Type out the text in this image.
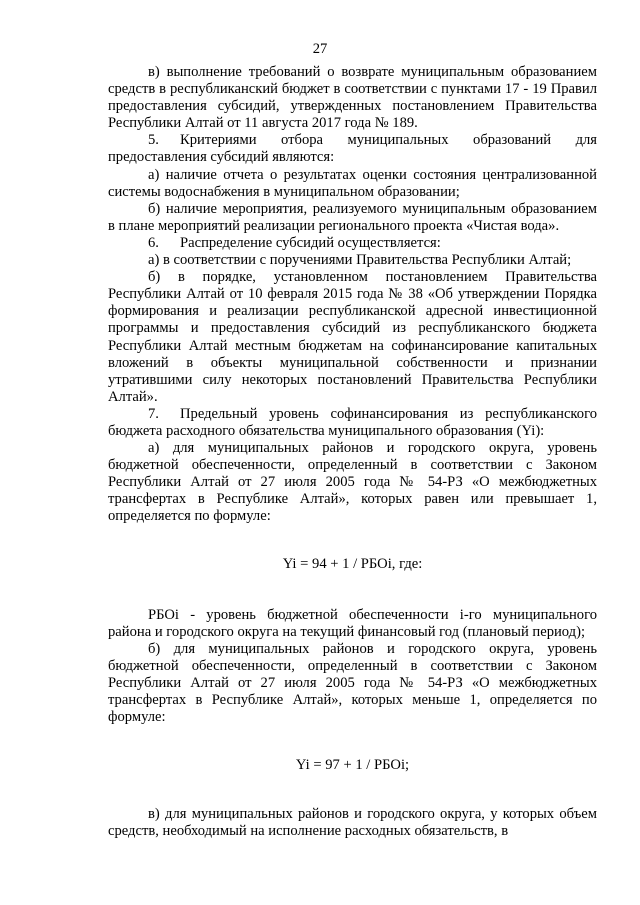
27

в) выполнение требований о возврате муниципальным образованием средств в республиканский бюджет в соответствии с пунктами 17 - 19 Правил предоставления субсидий, утвержденных постановлением Правительства Республики Алтай от 11 августа 2017 года № 189.

5. Критериями отбора муниципальных образований для предоставления субсидий являются:

а) наличие отчета о результатах оценки состояния централизованной системы водоснабжения в муниципальном образовании;

б) наличие мероприятия, реализуемого муниципальным образованием в плане мероприятий реализации регионального проекта «Чистая вода».

6. Распределение субсидий осуществляется:

а) в соответствии с поручениями Правительства Республики Алтай;

б) в порядке, установленном постановлением Правительства Республики Алтай от 10 февраля 2015 года № 38 «Об утверждении Порядка формирования и реализации республиканской адресной инвестиционной программы и предоставления субсидий из республиканского бюджета Республики Алтай местным бюджетам на софинансирование капитальных вложений в объекты муниципальной собственности и признании утратившими силу некоторых постановлений Правительства Республики Алтай».

7. Предельный уровень софинансирования из республиканского бюджета расходного обязательства муниципального образования (Yi):

а) для муниципальных районов и городского округа, уровень бюджетной обеспеченности, определенный в соответствии с Законом Республики Алтай от 27 июля 2005 года № 54-РЗ «О межбюджетных трансфертах в Республике Алтай», которых равен или превышает 1, определяется по формуле:

Yi = 94 + 1 / РБОi, где:

РБОi - уровень бюджетной обеспеченности i-го муниципального района и городского округа на текущий финансовый год (плановый период);

б) для муниципальных районов и городского округа, уровень бюджетной обеспеченности, определенный в соответствии с Законом Республики Алтай от 27 июля 2005 года № 54-РЗ «О межбюджетных трансфертах в Республике Алтай», которых меньше 1, определяется по формуле:

Yi = 97 + 1 / РБОi;

в) для муниципальных районов и городского округа, у которых объем средств, необходимый на исполнение расходных обязательств, в
